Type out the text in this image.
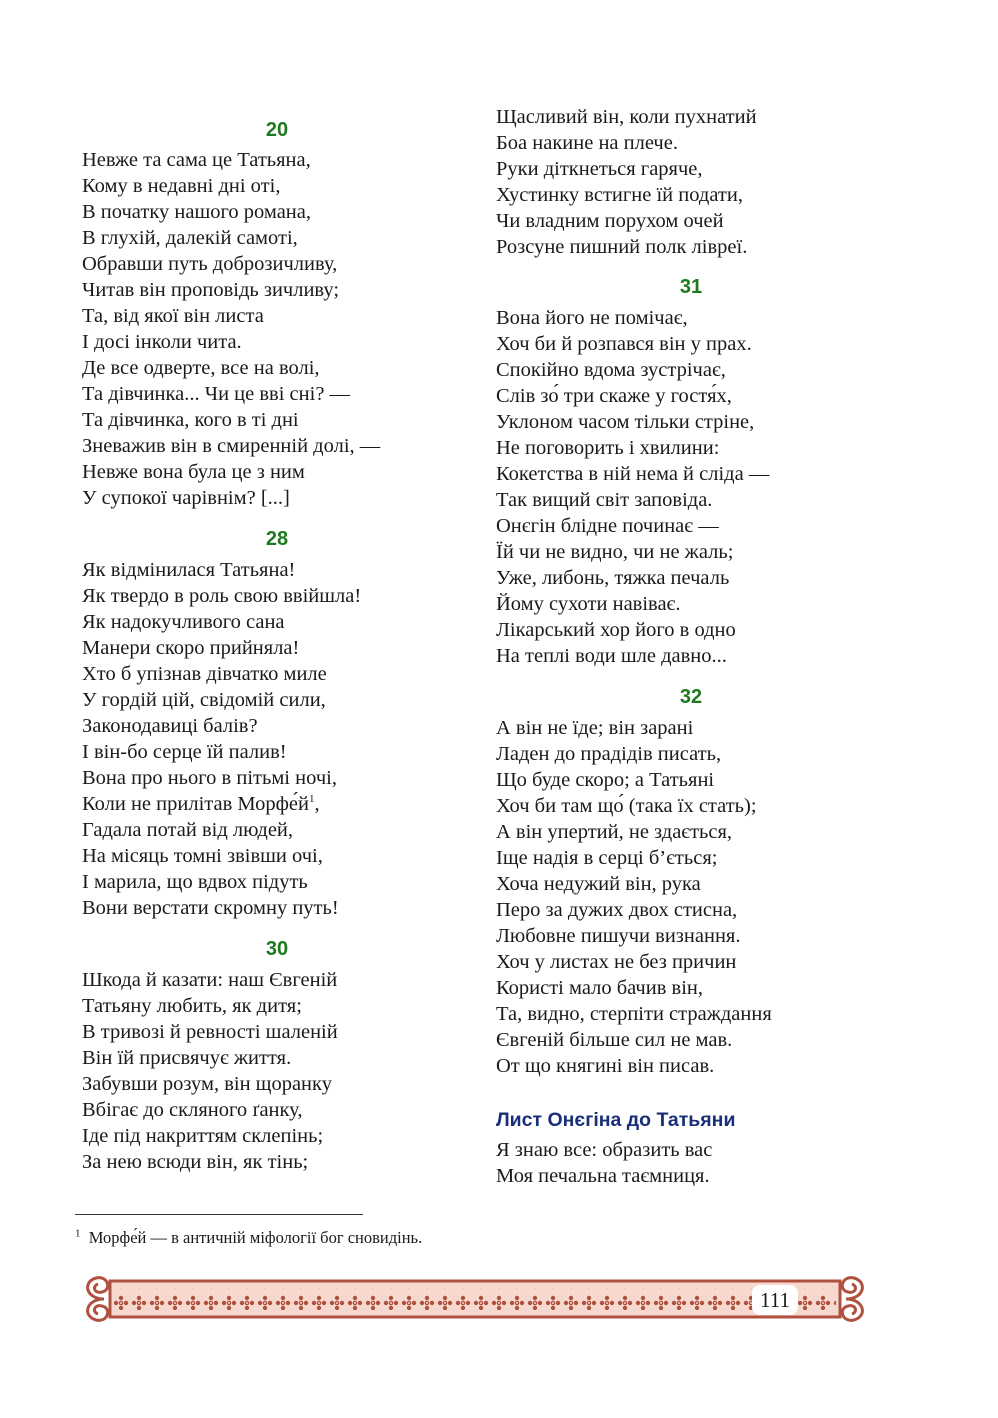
20
Невже та сама це Татьяна,
Кому в недавні дні оті,
В початку нашого романа,
В глухій, далекій самоті,
Обравши путь доброзичливу,
Читав він проповідь зичливу;
Та, від якої він листа
І досі інколи чита.
Де все одверте, все на волі,
Та дівчинка... Чи це вві сні? —
Та дівчинка, кого в ті дні
Зневажив він в смиренній долі, —
Невже вона була це з ним
У супокої чарівнім? [...]
28
Як відмінилася Татьяна!
Як твердо в роль свою ввійшла!
Як надокучливого сана
Манери скоро прийняла!
Хто б упізнав дівчатко миле
У гордій цій, свідомій сили,
Законодавиці балів?
І він-бо серце їй палив!
Вона про нього в пітьмі ночі,
Коли не прилітав $Морфе́й^1$,
Гадала потай від людей,
На місяць томні звівши очі,
І марила, що вдвох підуть
Вони верстати скромну путь!
30
Шкода й казати: наш Євгеній
Татьяну любить, як дитя;
В тривозі й ревності шаленій
Він їй присвячує життя.
Забувши розум, він щоранку
Вбігає до скляного ґанку,
Іде під накриттям склепінь;
За нею всюди він, як тінь;
Щасливий він, коли пухнатий
Боа накине на плече.
Руки діткнеться гаряче,
Хустинку встигне їй подати,
Чи владним порухом очей
Розсуне пишний полк лівреї.
31
Вона його не помічає,
Хоч би й розпався він у прах.
Спокійно вдома зустрічає,
Слів зо́ три скаже у гостя́х,
Уклоном часом тільки стріне,
Не поговорить і хвилини:
Кокетства в ній нема й сліда —
Так вищий світ заповіда.
Онєгін блідне починає —
Їй чи не видно, чи не жаль;
Уже, либонь, тяжка печаль
Йому сухоти навіває.
Лікарський хор його в одно
На теплі води шле давно...
32
А він не їде; він зарані
Ладен до прадідів писать,
Що буде скоро; а Татьяні
Хоч би там що́ (така їх стать);
А він упертий, не здається,
Іще надія в серці б’ється;
Хоча недужий він, рука
Перо за дужих двох стисна,
Любовне пишучи визнання.
Хоч у листах не без причин
Користі мало бачив він,
Та, видно, стерпіти страждання
Євгеній більше сил не мав.
От що княгині він писав.
Лист Онєгіна до Татьяни
Я знаю все: образить вас
Моя печальна таємниця.
$^1$ Морфе́й — в античній міфології бог сновидінь.
111
